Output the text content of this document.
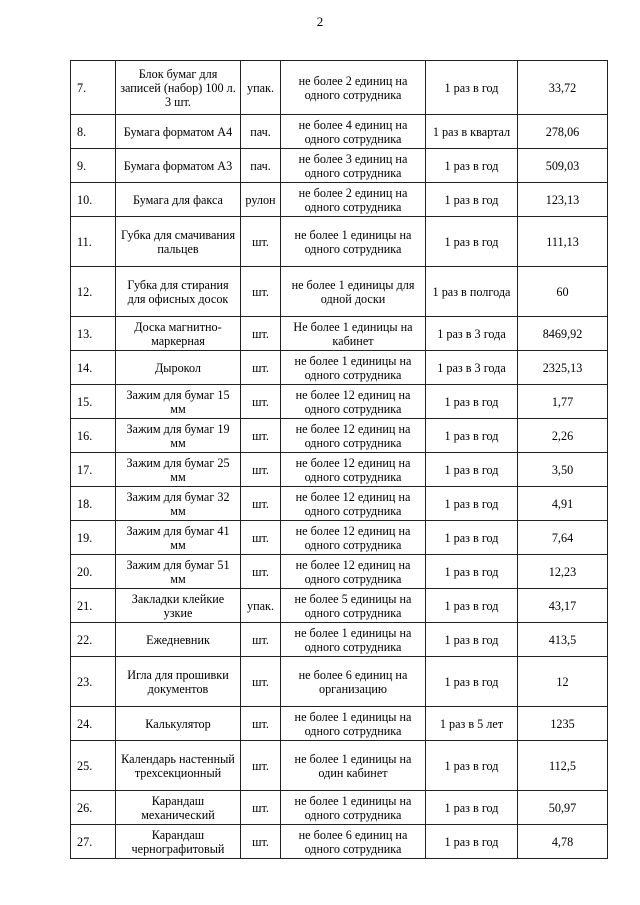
2
7.	Блок бумаг для записей (набор) 100 л. 3 шт.	упак.	не более 2 единиц на одного сотрудника	1 раз в год	33,72
8.	Бумага форматом А4	пач.	не более 4 единиц на одного сотрудника	1 раз в квартал	278,06
9.	Бумага форматом А3	пач.	не более 3 единиц на одного сотрудника	1 раз в год	509,03
10.	Бумага для факса	рулон	не более 2 единиц на одного сотрудника	1 раз в год	123,13
11.	Губка для смачивания пальцев	шт.	не более 1 единицы на одного сотрудника	1 раз в год	111,13
12.	Губка для стирания для офисных досок	шт.	не более 1 единицы для одной доски	1 раз в полгода	60
13.	Доска магнитно-маркерная	шт.	Не более 1 единицы на кабинет	1 раз в 3 года	8469,92
14.	Дырокол	шт.	не более 1 единицы на одного сотрудника	1 раз в 3 года	2325,13
15.	Зажим для бумаг 15 мм	шт.	не более 12 единиц на одного сотрудника	1 раз в год	1,77
16.	Зажим для бумаг 19 мм	шт.	не более 12 единиц на одного сотрудника	1 раз в год	2,26
17.	Зажим для бумаг 25 мм	шт.	не более 12 единиц на одного сотрудника	1 раз в год	3,50
18.	Зажим для бумаг 32 мм	шт.	не более 12 единиц на одного сотрудника	1 раз в год	4,91
19.	Зажим для бумаг 41 мм	шт.	не более 12 единиц на одного сотрудника	1 раз в год	7,64
20.	Зажим для бумаг 51 мм	шт.	не более 12 единиц на одного сотрудника	1 раз в год	12,23
21.	Закладки клейкие узкие	упак.	не более 5 единицы на одного сотрудника	1 раз в год	43,17
22.	Ежедневник	шт.	не более 1 единицы на одного сотрудника	1 раз в год	413,5
23.	Игла для прошивки документов	шт.	не более 6 единиц на организацию	1 раз в год	12
24.	Калькулятор	шт.	не более 1 единицы на одного сотрудника	1 раз в 5 лет	1235
25.	Календарь настенный трехсекционный	шт.	не более 1 единицы на один кабинет	1 раз в год	112,5
26.	Карандаш механический	шт.	не более 1 единицы на одного сотрудника	1 раз в год	50,97
27.	Карандаш чернографитовый	шт.	не более 6 единиц на одного сотрудника	1 раз в год	4,78
